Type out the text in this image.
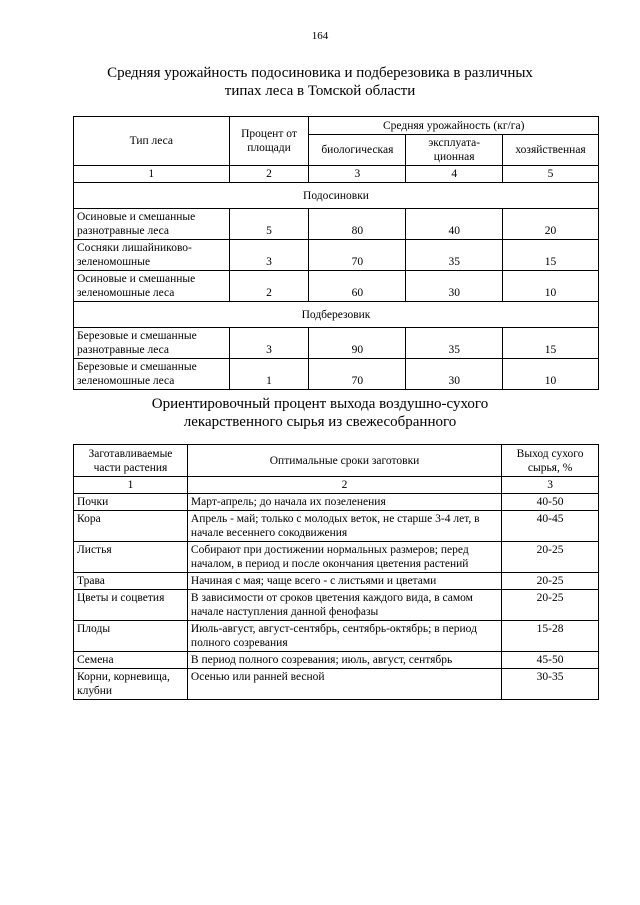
164
Средняя урожайность подосиновика и подберезовика в различных
типах леса в Томской области
Тип леса	Процент от площади	Средняя урожайность (кг/га)		
		биологическая	эксплуата-ционная	хозяйственная
1	2	3	4	5
Подосиновки				
Осиновые и смешанные разнотравные леса	5	80	40	20
Сосняки лишайниково-зеленомошные	3	70	35	15
Осиновые и смешанные зеленомошные леса	2	60	30	10
Подберезовик				
Березовые и смешанные разнотравные леса	3	90	35	15
Березовые и смешанные зеленомошные леса	1	70	30	10
Ориентировочный процент выхода воздушно-сухого
лекарственного сырья из свежесобранного
Заготавливаемые части растения	Оптимальные сроки заготовки	Выход сухого сырья, %
1	2	3
Почки	Март-апрель; до начала их позеленения	40-50
Кора	Апрель - май; только с молодых веток, не старше 3-4 лет, в начале весеннего сокодвижения	40-45
Листья	Собирают при достижении нормальных размеров; перед началом, в период и после окончания цветения растений	20-25
Трава	Начиная с мая; чаще всего - с листьями и цветами	20-25
Цветы и соцветия	В зависимости от сроков цветения каждого вида, в самом начале наступления данной фенофазы	20-25
Плоды	Июль-август, август-сентябрь, сентябрь-октябрь; в период полного созревания	15-28
Семена	В период полного созревания; июль, август, сентябрь	45-50
Корни, корневища, клубни	Осенью или ранней весной	30-35
